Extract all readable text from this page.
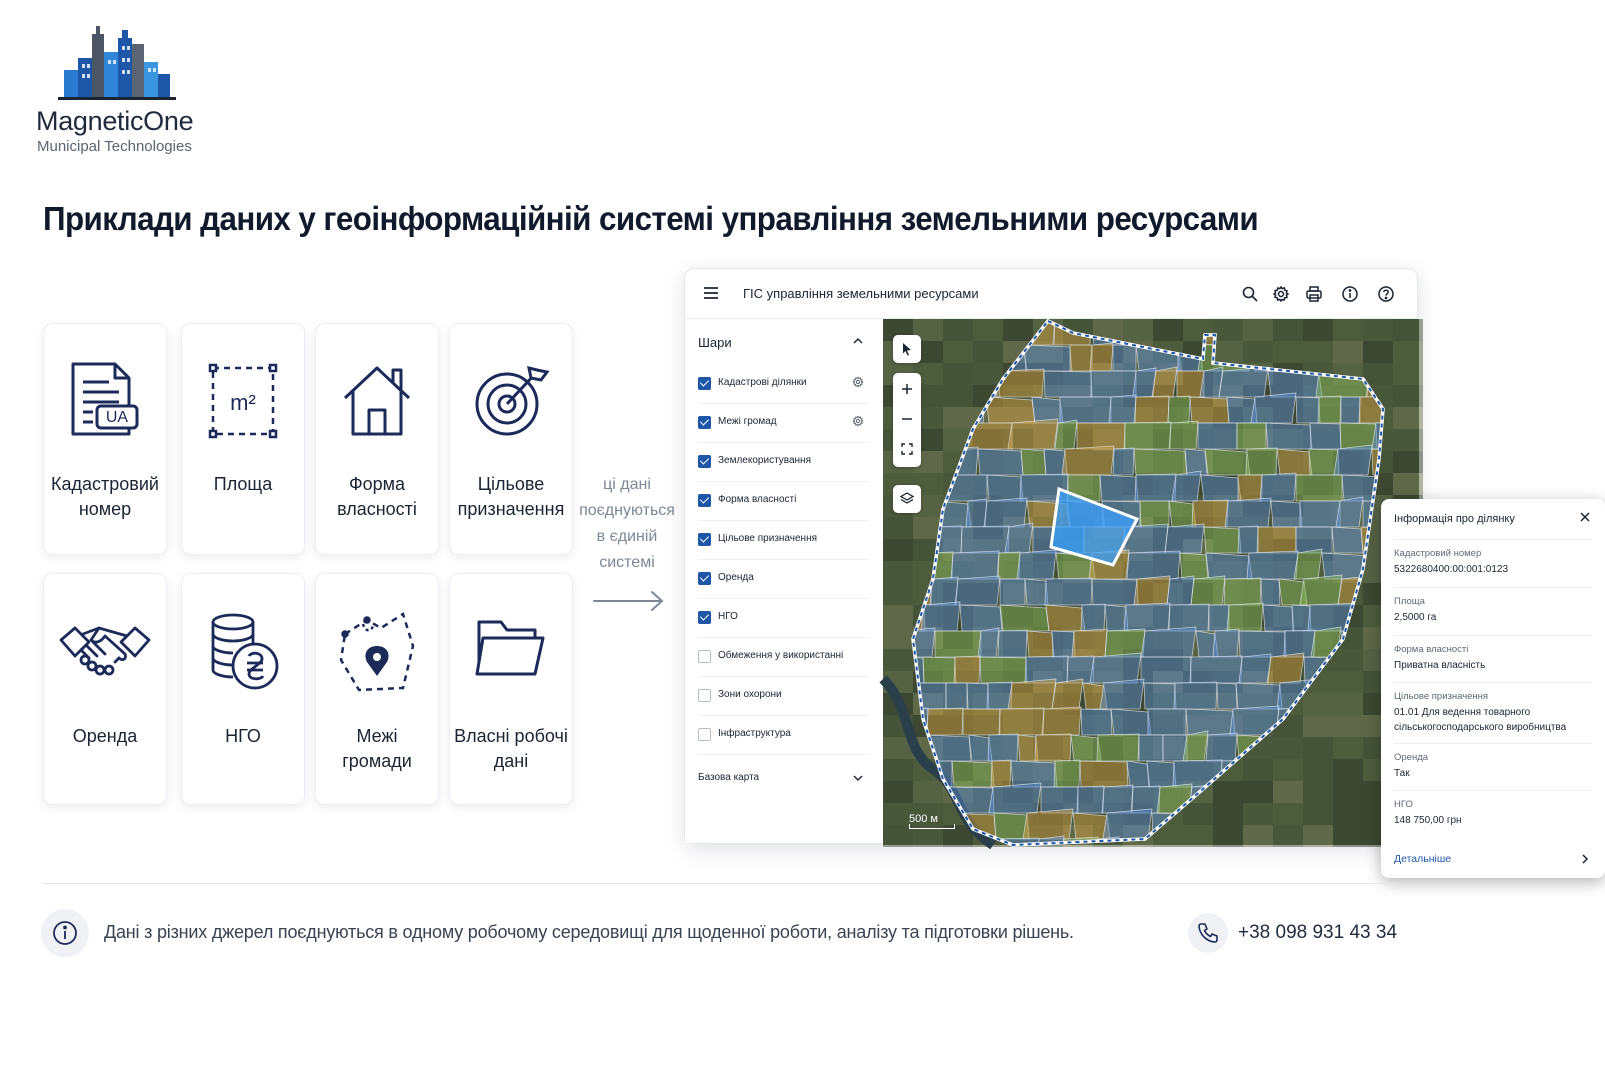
MagneticOne
Municipal Technologies
Приклади даних у геоінформаційній системі управління земельними ресурсами
UA
Кадастровий номер
m²
Площа	Форма власності
Цільове призначення
Оренда	НГО	Межі громади
Власні робочі дані
ці дані поєднуються в єдиній системі
ГІС управління земельними ресурсами
Шари
Кадастрові ділянки
Межі громад
Землекористування
Форма власності
Цільове призначення
Оренда
НГО
Обмеження у використанні
Зони охорони
Інфраструктура
Базова карта
500 м
Інформація про ділянку
Кадастровий номер
5322680400:00:001:0123
Площа
2,5000 га
Форма власності
Приватна власність
Цільове призначення
01.01 Для ведення товарного сільськогосподарського виробництва
Оренда
Так
НГО
148 750,00 грн
Детальніше
Дані з різних джерел поєднуються в одному робочому середовищі для щоденної роботи, аналізу та підготовки рішень.	+38 098 931 43 34
